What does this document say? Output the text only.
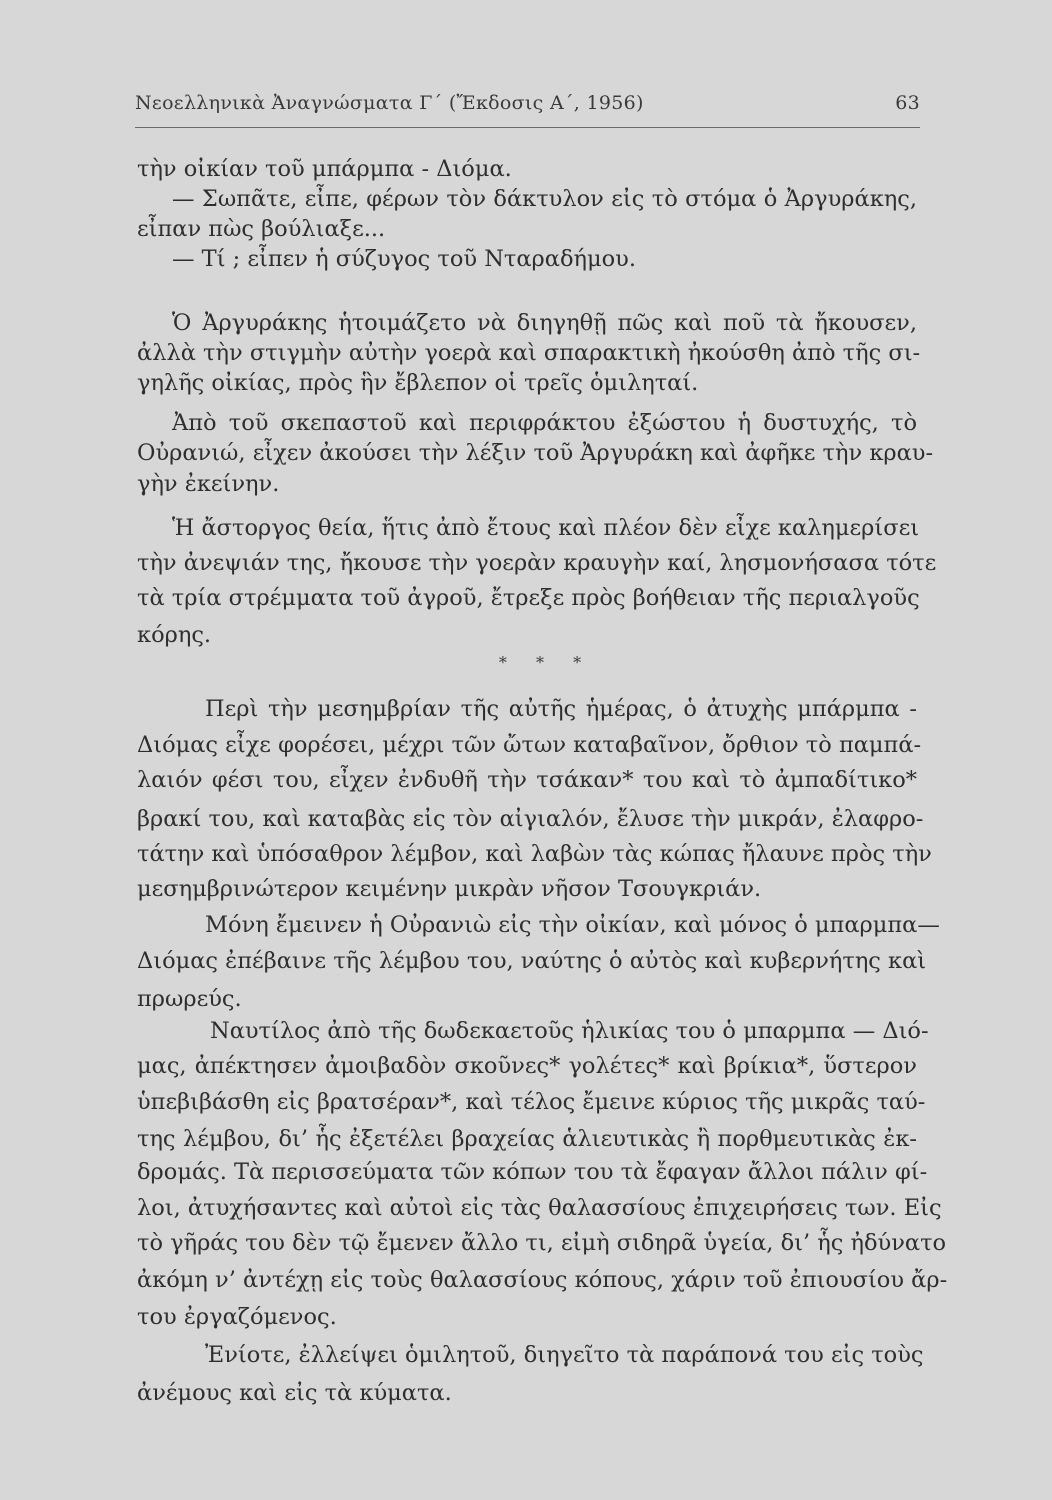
Νεοελληνικὰ Ἀναγνώσματα Γ΄ (Ἔκδοσις Α΄, 1956)	63
τὴν οἰκίαν τοῦ μπάρμπα - Διόμα.
— Σωπᾶτε, εἶπε, φέρων τὸν δάκτυλον εἰς τὸ στόμα ὁ Ἀργυράκης,
εἶπαν πὼς βούλιαξε...
— Τί ; εἶπεν ἡ σύζυγος τοῦ Νταραδήμου.
Ὁ Ἀργυράκης ἡτοιμάζετο νὰ διηγηθῇ πῶς καὶ ποῦ τὰ ἤκουσεν,
ἀλλὰ τὴν στιγμὴν αὐτὴν γοερὰ καὶ σπαρακτικὴ ἠκούσθη ἀπὸ τῆς σι-
γηλῆς οἰκίας, πρὸς ἣν ἔβλεπον οἱ τρεῖς ὁμιληταί.
Ἀπὸ τοῦ σκεπαστοῦ καὶ περιφράκτου ἐξώστου ἡ δυστυχής, τὸ
Οὐρανιώ, εἶχεν ἀκούσει τὴν λέξιν τοῦ Ἀργυράκη καὶ ἀφῆκε τὴν κραυ-
γὴν ἐκείνην.
Ἡ ἄστοργος θεία, ἥτις ἀπὸ ἔτους καὶ πλέον δὲν εἶχε καλημερίσει
τὴν ἀνεψιάν της, ἤκουσε τὴν γοερὰν κραυγὴν καί, λησμονήσασα τότε
τὰ τρία στρέμματα τοῦ ἀγροῦ, ἔτρεξε πρὸς βοήθειαν τῆς περιαλγοῦς
κόρης.
* * *
Περὶ τὴν μεσημβρίαν τῆς αὐτῆς ἡμέρας, ὁ ἀτυχὴς μπάρμπα -
Διόμας εἶχε φορέσει, μέχρι τῶν ὤτων καταβαῖνον, ὄρθιον τὸ παμπά-
λαιόν φέσι του, εἶχεν ἐνδυθῆ τὴν τσάκαν* του καὶ τὸ ἀμπαδίτικο*
βρακί του, καὶ καταβὰς εἰς τὸν αἰγιαλόν, ἔλυσε τὴν μικράν, ἐλαφρο-
τάτην καὶ ὑπόσαθρον λέμβον, καὶ λαβὼν τὰς κώπας ἤλαυνε πρὸς τὴν
μεσημβρινώτερον κειμένην μικρὰν νῆσον Τσουγκριάν.
Μόνη ἔμεινεν ἡ Οὐρανιὼ εἰς τὴν οἰκίαν, καὶ μόνος ὁ μπαρμπα—
Διόμας ἐπέβαινε τῆς λέμβου του, ναύτης ὁ αὐτὸς καὶ κυβερνήτης καὶ
πρωρεύς.
Ναυτίλος ἀπὸ τῆς δωδεκαετοῦς ἡλικίας του ὁ μπαρμπα — Διό-
μας, ἀπέκτησεν ἀμοιβαδὸν σκοῦνες* γολέτες* καὶ βρίκια*, ὕστερον
ὑπεβιβάσθη εἰς βρατσέραν*, καὶ τέλος ἔμεινε κύριος τῆς μικρᾶς ταύ-
της λέμβου, δι’ ἧς ἐξετέλει βραχείας ἁλιευτικὰς ἢ πορθμευτικὰς ἐκ-
δρομάς. Τὰ περισσεύματα τῶν κόπων του τὰ ἔφαγαν ἄλλοι πάλιν φί-
λοι, ἀτυχήσαντες καὶ αὐτοὶ εἰς τὰς θαλασσίους ἐπιχειρήσεις των. Εἰς
τὸ γῆράς του δὲν τῷ ἔμενεν ἄλλο τι, εἰμὴ σιδηρᾶ ὑγεία, δι’ ἧς ἠδύνατο
ἀκόμη ν’ ἀντέχῃ εἰς τοὺς θαλασσίους κόπους, χάριν τοῦ ἐπιουσίου ἄρ-
του ἐργαζόμενος.
Ἐνίοτε, ἐλλείψει ὁμιλητοῦ, διηγεῖτο τὰ παράπονά του εἰς τοὺς
ἀνέμους καὶ εἰς τὰ κύματα.
